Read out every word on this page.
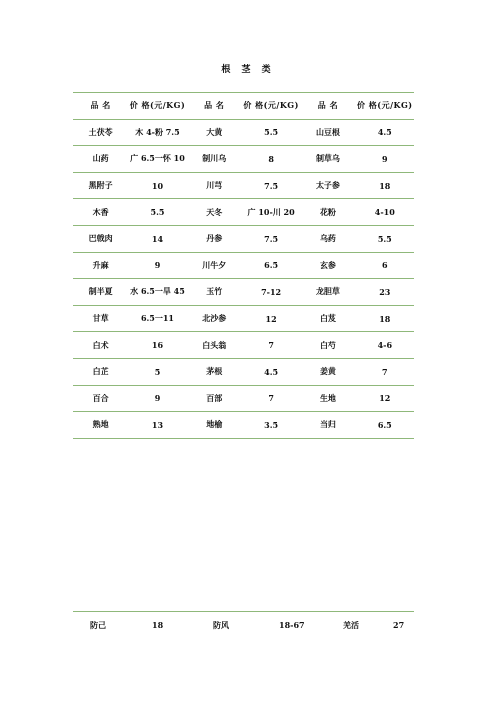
根 茎 类
品 名	价 格(元/KG)	品 名	价 格(元/KG)	品 名	价 格(元/KG)
土茯苓	木 4-粉 7.5	大黄	5.5	山豆根	4.5
山药	广 6.5一怀 10	制川乌	8	制草乌	9
黑附子	10	川芎	7.5	太子参	18
木香	5.5	天冬	广 10-川 20	花粉	4-10
巴戟肉	14	丹参	7.5	乌药	5.5
升麻	9	川牛夕	6.5	玄参	6
制半夏	水 6.5一旱 45	玉竹	7-12	龙胆草	23
甘草	6.5一11	北沙参	12	白芨	18
白术	16	白头翁	7	白芍	4-6
白芷	5	茅根	4.5	姜黄	7
百合	9	百部	7	生地	12
熟地	13	地榆	3.5	当归	6.5
防己	18	防风	18-67	羌活	27
